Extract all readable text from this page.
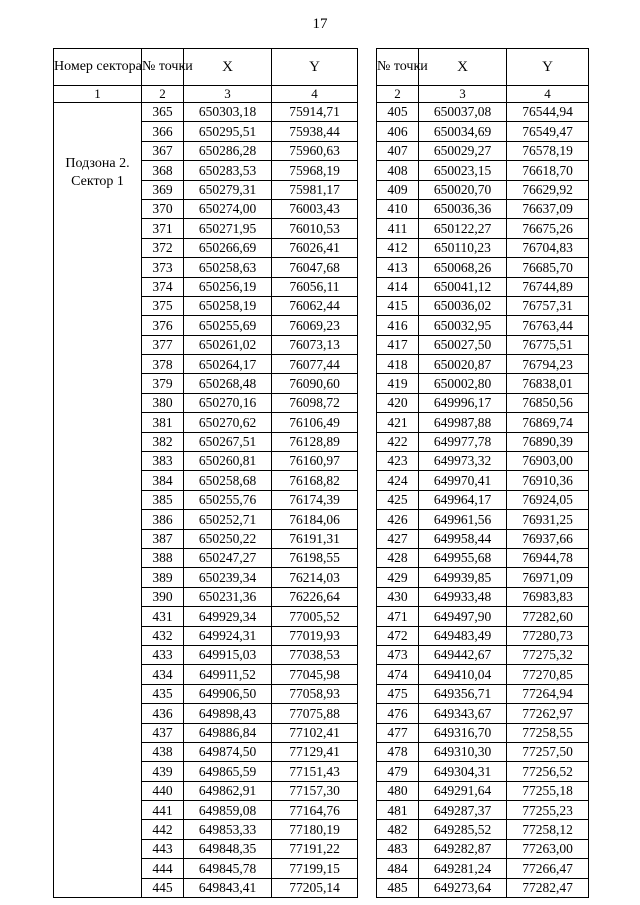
17
Номер сектора	№ точки	X	Y
1	2	3	4
Подзона 2. Сектор 1	365	650303,18	75914,71
	366	650295,51	75938,44
	367	650286,28	75960,63
	368	650283,53	75968,19
	369	650279,31	75981,17
	370	650274,00	76003,43
	371	650271,95	76010,53
	372	650266,69	76026,41
	373	650258,63	76047,68
	374	650256,19	76056,11
	375	650258,19	76062,44
	376	650255,69	76069,23
	377	650261,02	76073,13
	378	650264,17	76077,44
	379	650268,48	76090,60
	380	650270,16	76098,72
	381	650270,62	76106,49
	382	650267,51	76128,89
	383	650260,81	76160,97
	384	650258,68	76168,82
	385	650255,76	76174,39
	386	650252,71	76184,06
	387	650250,22	76191,31
	388	650247,27	76198,55
	389	650239,34	76214,03
	390	650231,36	76226,64
	431	649929,34	77005,52
	432	649924,31	77019,93
	433	649915,03	77038,53
	434	649911,52	77045,98
	435	649906,50	77058,93
	436	649898,43	77075,88
	437	649886,84	77102,41
	438	649874,50	77129,41
	439	649865,59	77151,43
	440	649862,91	77157,30
	441	649859,08	77164,76
	442	649853,33	77180,19
	443	649848,35	77191,22
	444	649845,78	77199,15
	445	649843,41	77205,14
№ точки	X	Y
2	3	4
405	650037,08	76544,94
406	650034,69	76549,47
407	650029,27	76578,19
408	650023,15	76618,70
409	650020,70	76629,92
410	650036,36	76637,09
411	650122,27	76675,26
412	650110,23	76704,83
413	650068,26	76685,70
414	650041,12	76744,89
415	650036,02	76757,31
416	650032,95	76763,44
417	650027,50	76775,51
418	650020,87	76794,23
419	650002,80	76838,01
420	649996,17	76850,56
421	649987,88	76869,74
422	649977,78	76890,39
423	649973,32	76903,00
424	649970,41	76910,36
425	649964,17	76924,05
426	649961,56	76931,25
427	649958,44	76937,66
428	649955,68	76944,78
429	649939,85	76971,09
430	649933,48	76983,83
471	649497,90	77282,60
472	649483,49	77280,73
473	649442,67	77275,32
474	649410,04	77270,85
475	649356,71	77264,94
476	649343,67	77262,97
477	649316,70	77258,55
478	649310,30	77257,50
479	649304,31	77256,52
480	649291,64	77255,18
481	649287,37	77255,23
482	649285,52	77258,12
483	649282,87	77263,00
484	649281,24	77266,47
485	649273,64	77282,47
